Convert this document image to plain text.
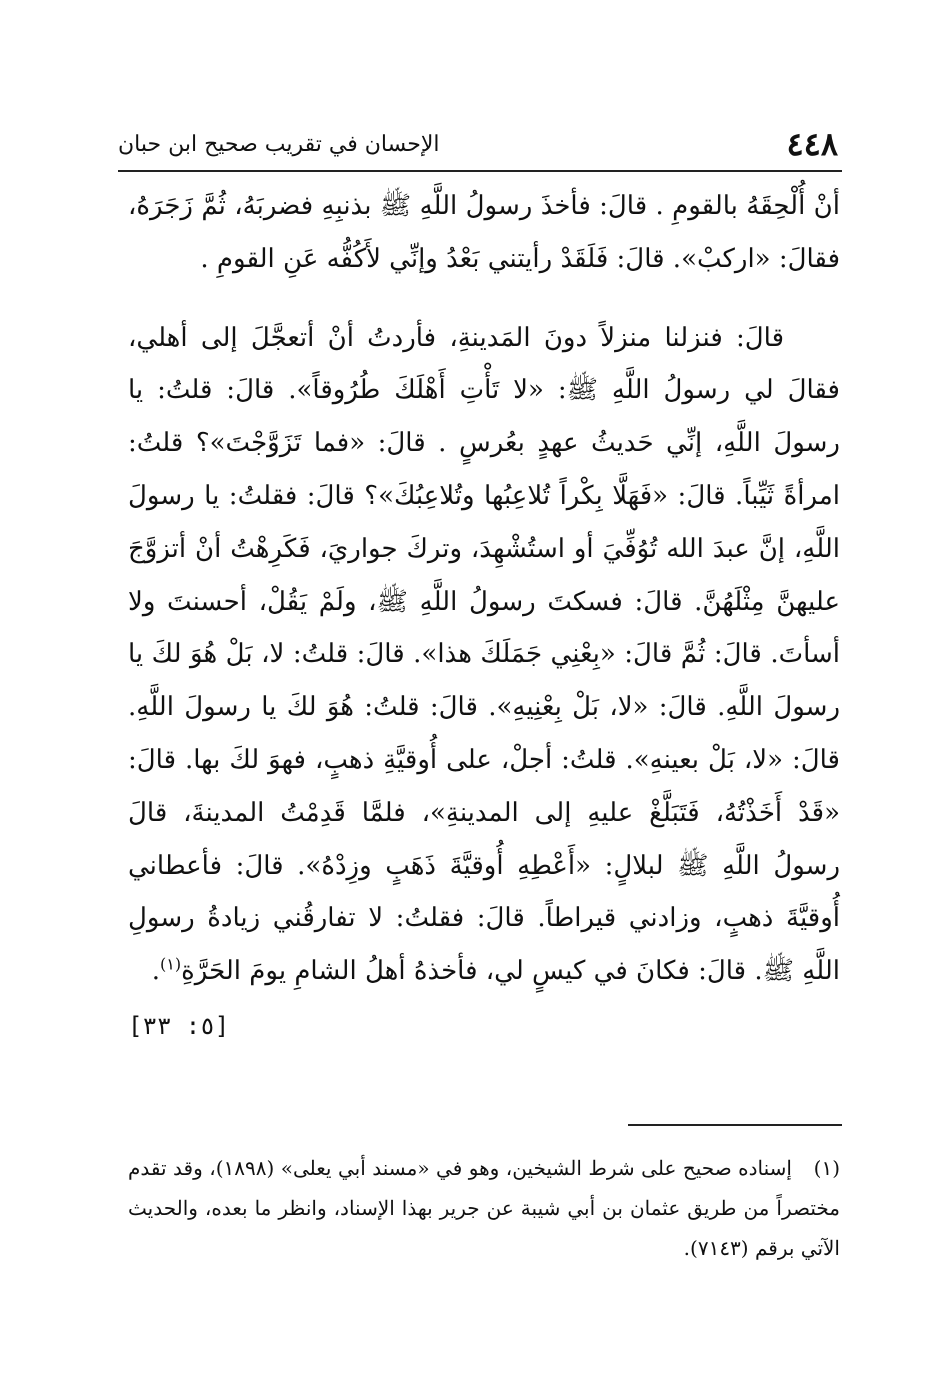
٤٤٨
الإحسان في تقريب صحيح ابن حبان

أنْ أُلْحِقَهُ بالقومِ . قالَ: فأخذَ رسولُ اللَّهِ ﷺ بذنبِهِ فضربَهُ، ثُمَّ زَجَرَهُ، فقالَ: «اركبْ». قالَ: فَلَقَدْ رأيتني بَعْدُ وإنِّي لأَكُفُّه عَنِ القومِ .

قالَ: فنزلنا منزلاً دونَ المَدينةِ، فأردتُ أنْ أتعجَّلَ إلى أهلي، فقالَ لي رسولُ اللَّهِ ﷺ: «لا تَأْتِ أَهْلَكَ طُرُوقاً». قالَ: قلتُ: يا رسولَ اللَّهِ، إنِّي حَديثُ عهدٍ بعُرسٍ . قالَ: «فما تَزَوَّجْتَ»؟ قلتُ: امرأةً ثَيِّباً. قالَ: «فَهَلَّا بِكْراً تُلاعِبُها وتُلاعِبُكَ»؟ قالَ: فقلتُ: يا رسولَ اللَّهِ، إنَّ عبدَ الله تُوُفِّيَ أو استُشْهِدَ، وتركَ جواريَ، فَكَرِهْتُ أنْ أتزوَّجَ عليهنَّ مِثْلَهُنَّ. قالَ: فسكتَ رسولُ اللَّهِ ﷺ، ولَمْ يَقُلْ، أحسنتَ ولا أسأتَ. قالَ: ثُمَّ قالَ: «بِعْنِي جَمَلَكَ هذا». قالَ: قلتُ: لا، بَلْ هُوَ لكَ يا رسولَ اللَّهِ. قالَ: «لا، بَلْ بِعْنِيهِ». قالَ: قلتُ: هُوَ لكَ يا رسولَ اللَّهِ. قالَ: «لا، بَلْ بعينهِ». قلتُ: أجلْ، على أُوقيَّةِ ذهبٍ، فهوَ لكَ بها. قالَ: «قَدْ أَخَذْتُهُ، فَتَبَلَّغْ عليهِ إلى المدينةِ»، فلمَّا قَدِمْتُ المدينةَ، قالَ رسولُ اللَّهِ ﷺ لبلالٍ: «أَعْطِهِ أُوقيَّةَ ذَهَبٍ وزِدْهُ». قالَ: فأعطاني أُوقيَّةَ ذهبٍ، وزادني قيراطاً. قالَ: فقلتُ: لا تفارقُني زيادةُ رسولِ اللَّهِ ﷺ. قالَ: فكانَ في كيسٍ لي، فأخذهُ أهلُ الشامِ يومَ الحَرَّةِ$^{(١)}$.
[٥: ٣٣]

(١)إسناده صحيح على شرط الشيخين، وهو في «مسند أبي يعلى» (١٨٩٨)، وقد تقدم مختصراً من طريق عثمان بن أبي شيبة عن جرير بهذا الإسناد، وانظر ما بعده، والحديث الآتي برقم (٧١٤٣).
